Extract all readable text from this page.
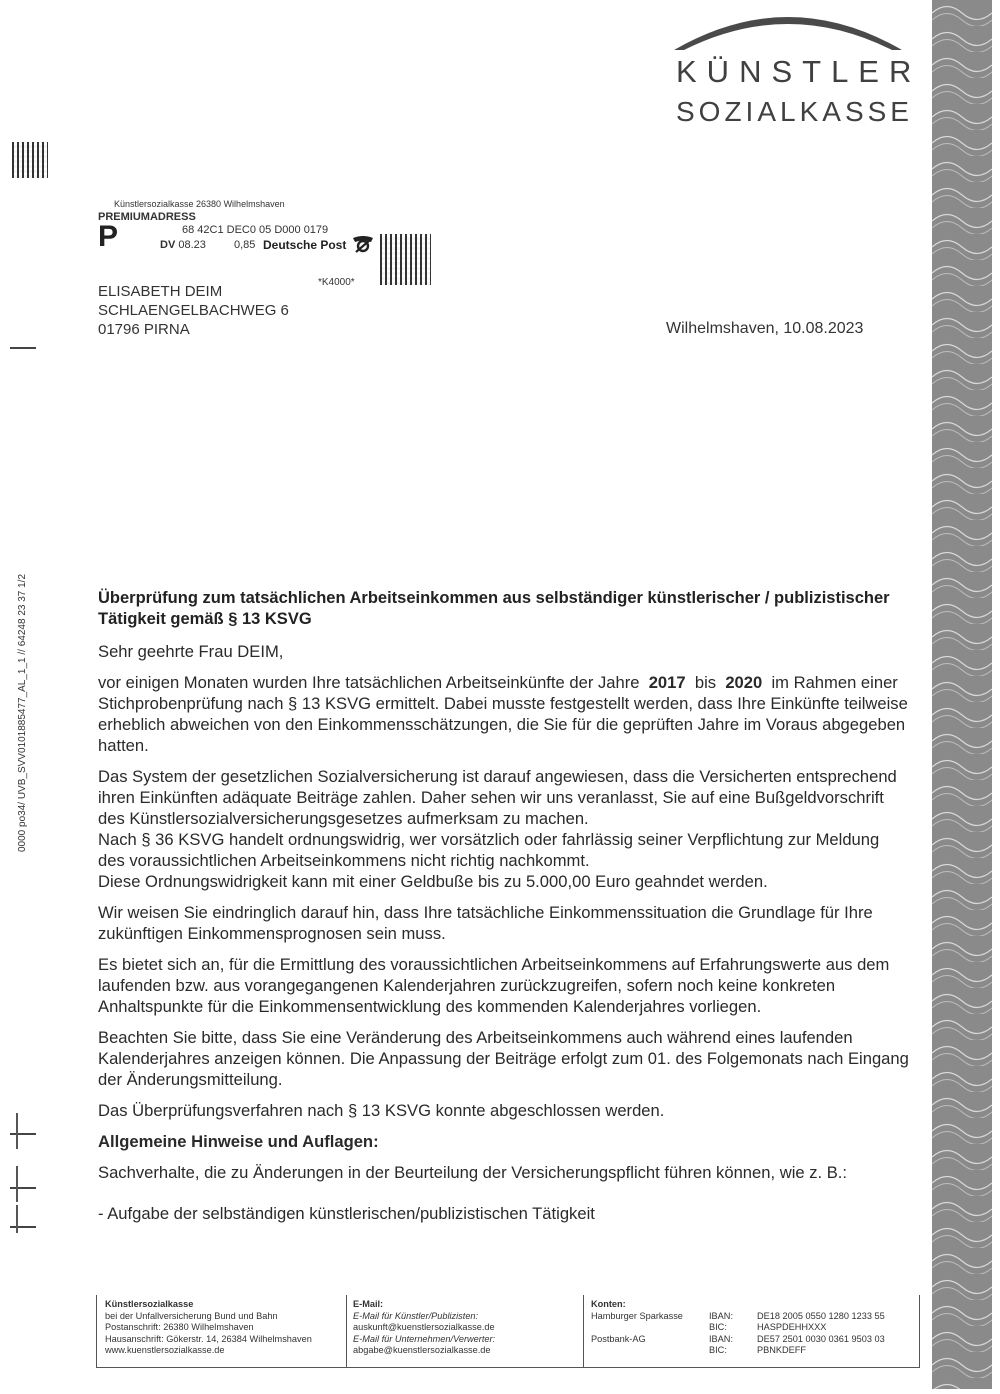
KÜNSTLER
SOZIALKASSE
0000 po34/ UVB_SVV0101885477_AL_1_1 // 64248 23 37 1/2
Künstlersozialkasse 26380 Wilhelmshaven
PREMIUMADRESS
P	68 42C1 DEC0 05 D000 0179
DV 08.23	0,85 Deutsche Post
*K4000*
ELISABETH DEIM
SCHLAENGELBACHWEG 6
01796 PIRNA	Wilhelmshaven, 10.08.2023
Überprüfung zum tatsächlichen Arbeitseinkommen aus selbständiger künstlerischer / publizistischer Tätigkeit gemäß § 13 KSVG

Sehr geehrte Frau DEIM,

vor einigen Monaten wurden Ihre tatsächlichen Arbeitseinkünfte der Jahre 2017 bis 2020 im Rahmen einer Stichprobenprüfung nach § 13 KSVG ermittelt. Dabei musste festgestellt werden, dass Ihre Einkünfte teilweise erheblich abweichen von den Einkommensschätzungen, die Sie für die geprüften Jahre im Voraus abgegeben hatten.

Das System der gesetzlichen Sozialversicherung ist darauf angewiesen, dass die Versicherten entsprechend ihren Einkünften adäquate Beiträge zahlen. Daher sehen wir uns veranlasst, Sie auf eine Bußgeldvorschrift des Künstlersozialversicherungsgesetzes aufmerksam zu machen.

Nach § 36 KSVG handelt ordnungswidrig, wer vorsätzlich oder fahrlässig seiner Verpflichtung zur Meldung des voraussichtlichen Arbeitseinkommens nicht richtig nachkommt.

Diese Ordnungswidrigkeit kann mit einer Geldbuße bis zu 5.000,00 Euro geahndet werden.

Wir weisen Sie eindringlich darauf hin, dass Ihre tatsächliche Einkommenssituation die Grundlage für Ihre zukünftigen Einkommensprognosen sein muss.

Es bietet sich an, für die Ermittlung des voraussichtlichen Arbeitseinkommens auf Erfahrungswerte aus dem laufenden bzw. aus vorangegangenen Kalenderjahren zurückzugreifen, sofern noch keine konkreten Anhaltspunkte für die Einkommensentwicklung des kommenden Kalenderjahres vorliegen.

Beachten Sie bitte, dass Sie eine Veränderung des Arbeitseinkommens auch während eines laufenden Kalenderjahres anzeigen können. Die Anpassung der Beiträge erfolgt zum 01. des Folgemonats nach Eingang der Änderungsmitteilung.

Das Überprüfungsverfahren nach § 13 KSVG konnte abgeschlossen werden.

Allgemeine Hinweise und Auflagen:

Sachverhalte, die zu Änderungen in der Beurteilung der Versicherungspflicht führen können, wie z. B.:

- Aufgabe der selbständigen künstlerischen/publizistischen Tätigkeit

Künstlersozialkasse
bei der Unfallversicherung Bund und Bahn
Postanschrift: 26380 Wilhelmshaven
Hausanschrift: Gökerstr. 14, 26384 Wilhelmshaven
www.kuenstlersozialkasse.de
E-Mail:
E-Mail für Künstler/Publizisten:
auskunft@kuenstlersozialkasse.de
E-Mail für Unternehmen/Verwerter:
abgabe@kuenstlersozialkasse.de
Konten:
Hamburger Sparkasse	IBAN:	DE18 2005 0550 1280 1233 55
BIC:	HASPDEHHXXX
Postbank-AG	IBAN:	DE57 2501 0030 0361 9503 03
BIC:	PBNKDEFF
